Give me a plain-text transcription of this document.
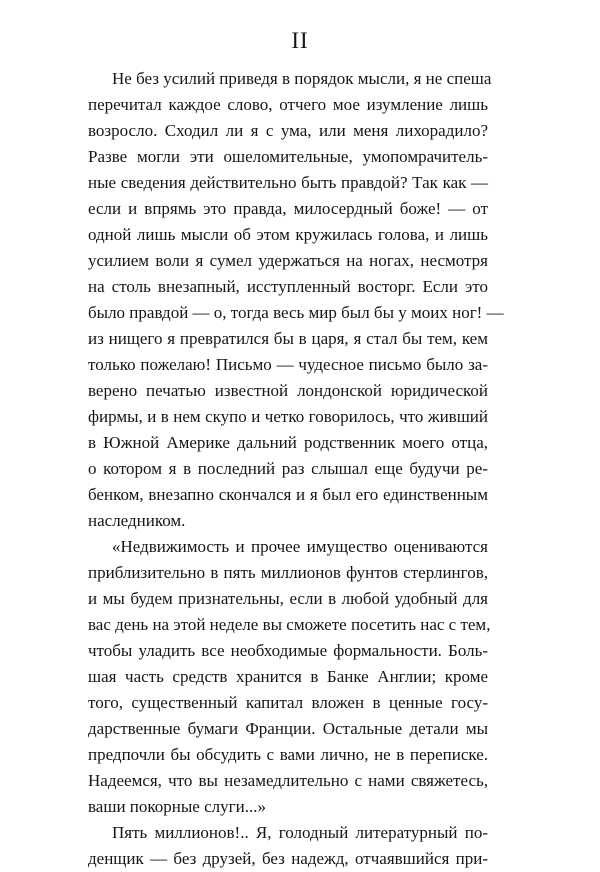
II
Не без усилий приведя в порядок мысли, я не спеша
перечитал каждое слово, отчего мое изумление лишь
возросло. Сходил ли я с ума, или меня лихорадило?
Разве могли эти ошеломительные, умопомрачитель-
ные сведения действительно быть правдой? Так как —
если и впрямь это правда, милосердный боже! — от
одной лишь мысли об этом кружилась голова, и лишь
усилием воли я сумел удержаться на ногах, несмотря
на столь внезапный, исступленный восторг. Если это
было правдой — о, тогда весь мир был бы у моих ног! —
из нищего я превратился бы в царя, я стал бы тем, кем
только пожелаю! Письмо — чудесное письмо было за-
верено печатью известной лондонской юридической
фирмы, и в нем скупо и четко говорилось, что живший
в Южной Америке дальний родственник моего отца,
о котором я в последний раз слышал еще будучи ре-
бенком, внезапно скончался и я был его единственным
наследником.
«Недвижимость и прочее имущество оцениваются
приблизительно в пять миллионов фунтов стерлингов,
и мы будем признательны, если в любой удобный для
вас день на этой неделе вы сможете посетить нас с тем,
чтобы уладить все необходимые формальности. Боль-
шая часть средств хранится в Банке Англии; кроме
того, существенный капитал вложен в ценные госу-
дарственные бумаги Франции. Остальные детали мы
предпочли бы обсудить с вами лично, не в переписке.
Надеемся, что вы незамедлительно с нами свяжетесь,
ваши покорные слуги...»
Пять миллионов!.. Я, голодный литературный по-
денщик — без друзей, без надежд, отчаявшийся при-
